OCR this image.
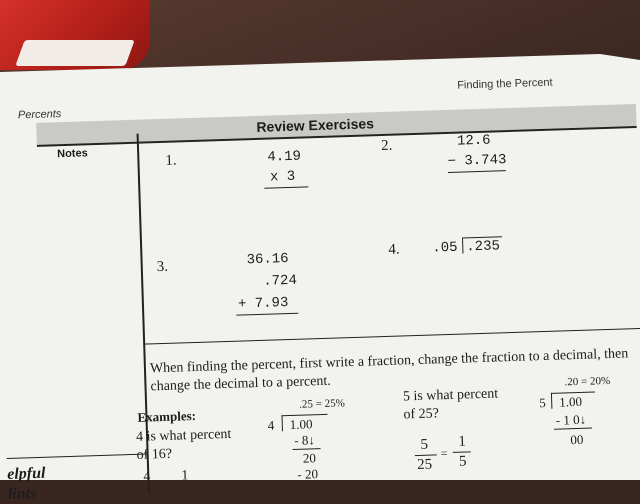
Percents
Finding the Percent
Review Exercises
Notes	1.	4.19
x 3
2.	12.6
− 3.743
3.	36.16
.724
+ 7.93
4. .05 .235
When finding the percent, first write a fraction, change the fraction to a decimal, then
change the decimal to a percent.
Examples:
4 is what percent
of 16?
4 1
.25 = 25%
4 1.00
- 8↓
20
- 20
5 is what percent
of 25?
5
25
=
1
5
.20 = 20%
5 1.00
- 1 0↓
00
elpful
lints
